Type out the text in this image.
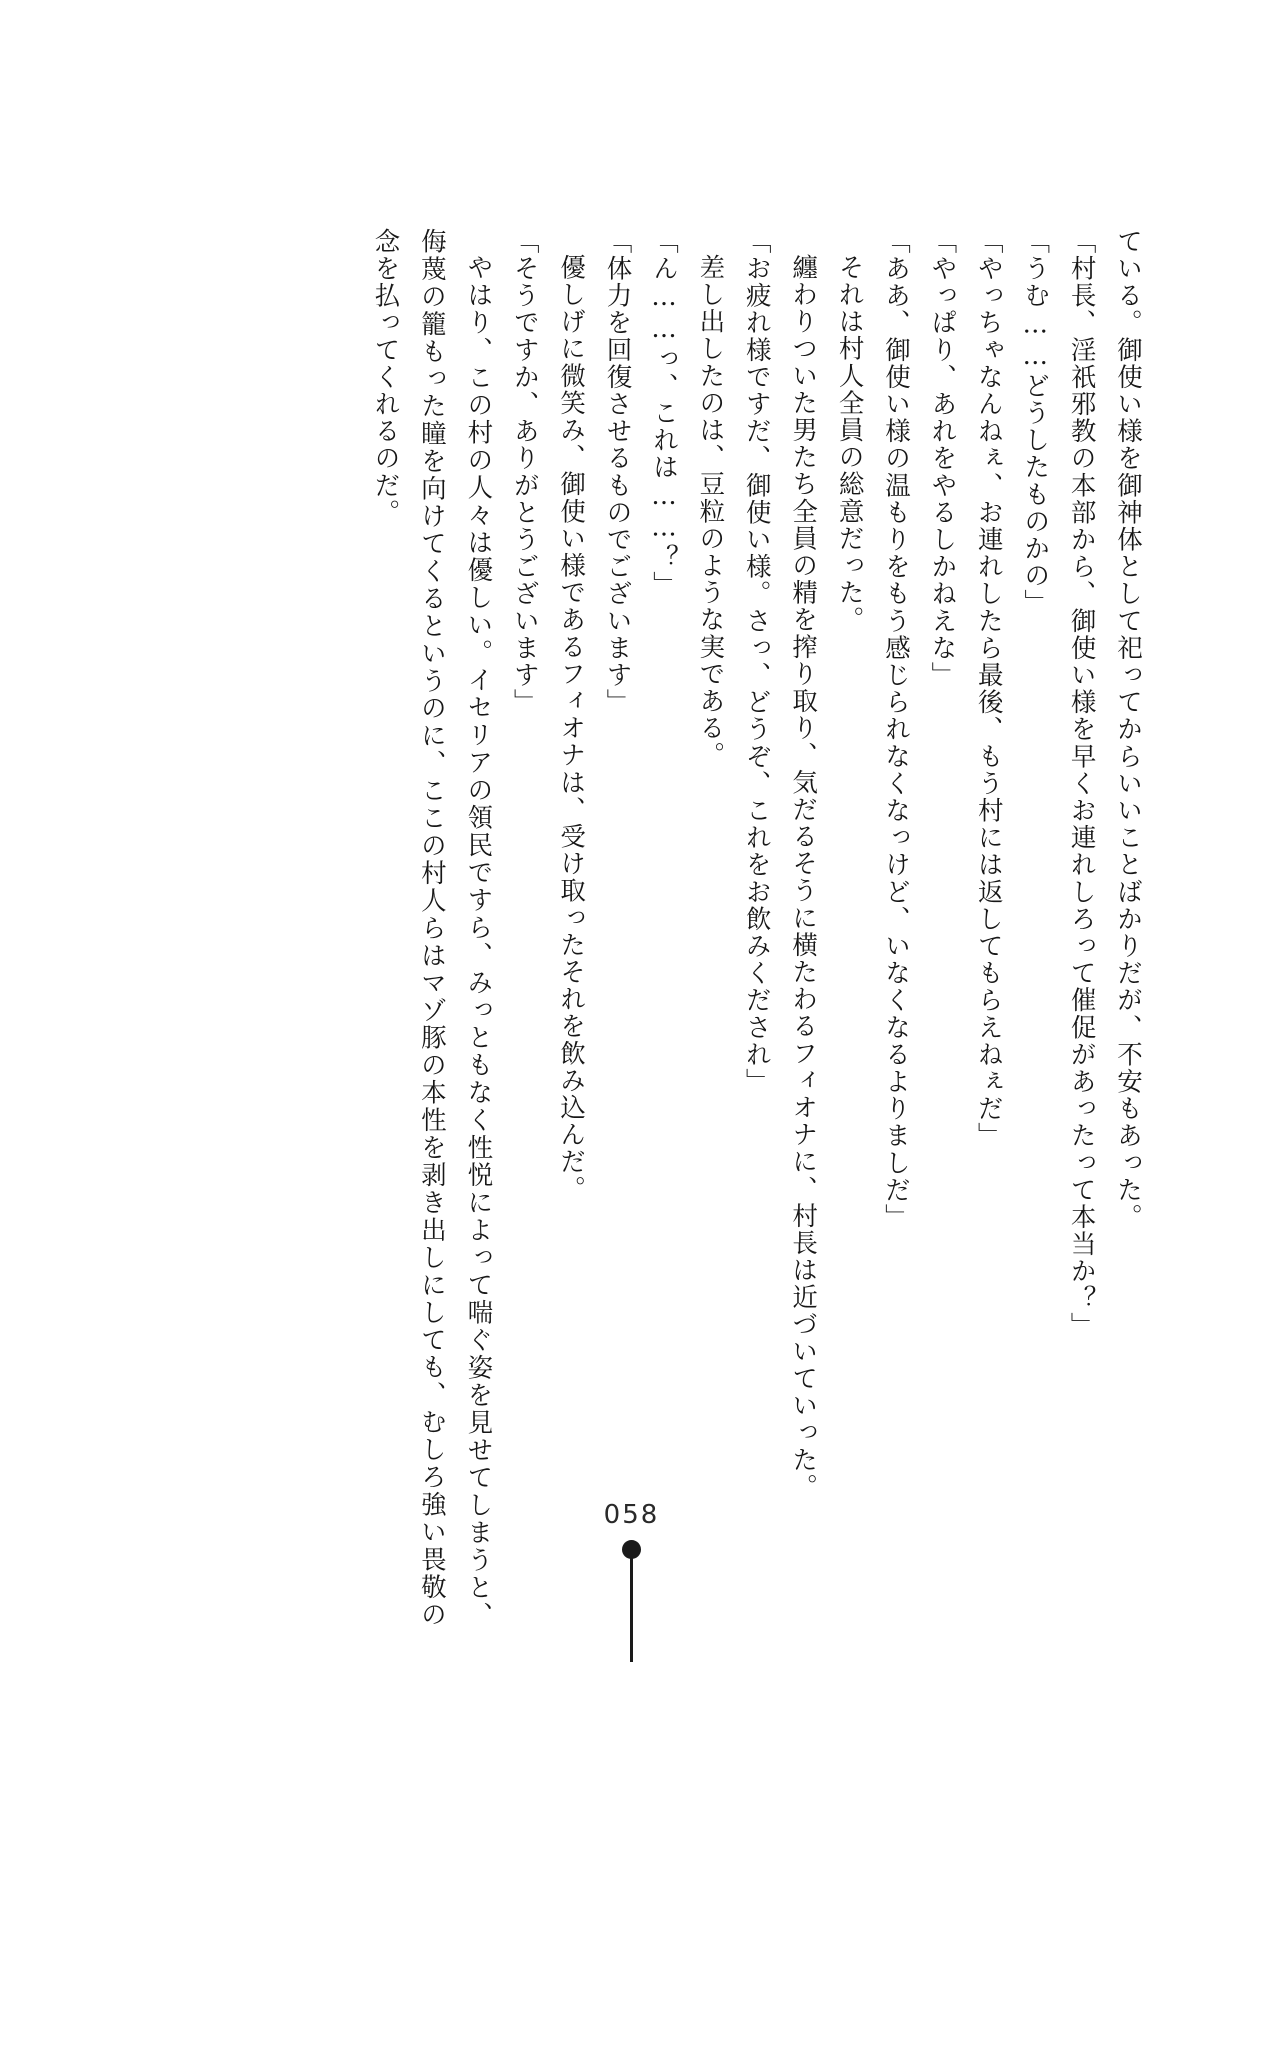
ている。御使い様を御神体として祀ってからいいことばかりだが、不安もあった。

「村長、淫祇邪教の本部から、御使い様を早くお連れしろって催促があったって本当か？」

「うむ……どうしたものかの」

「やっちゃなんねぇ、お連れしたら最後、もう村には返してもらえねぇだ」

「やっぱり、あれをやるしかねえな」

「ああ、御使い様の温もりをもう感じられなくなっけど、いなくなるよりましだ」

それは村人全員の総意だった。

纏わりついた男たち全員の精を搾り取り、気だるそうに横たわるフィオナに、村長は近づいていった。

「お疲れ様ですだ、御使い様。さっ、どうぞ、これをお飲みくだされ」

差し出したのは、豆粒のような実である。

「ん……っ、これは……？」

「体力を回復させるものでございます」

優しげに微笑み、御使い様であるフィオナは、受け取ったそれを飲み込んだ。

「そうですか、ありがとうございます」

やはり、この村の人々は優しい。イセリアの領民ですら、みっともなく性悦によって喘ぐ姿を見せてしまうと、侮蔑の籠もった瞳を向けてくるというのに、ここの村人らはマゾ豚の本性を剥き出しにしても、むしろ強い畏敬の念を払ってくれるのだ。

058
